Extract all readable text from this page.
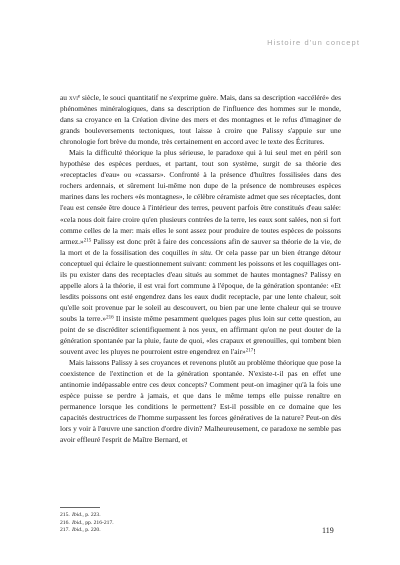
Histoire d'un concept

au xvi$^e$ siècle, le souci quantitatif ne s'exprime guère. Mais, dans sa description «accéléré» des phénomènes minéralogiques, dans sa description de l'influence des hommes sur le monde, dans sa croyance en la Création divine des mers et des montagnes et le refus d'imaginer de grands bouleversements tectoniques, tout laisse à croire que Palissy s'appuie sur une chronologie fort brève du monde, très certainement en accord avec le texte des Écritures.

Mais la difficulté théorique la plus sérieuse, le paradoxe qui à lui seul met en péril son hypothèse des espèces perdues, et partant, tout son système, surgit de sa théorie des «receptacles d'eau» ou «cassars». Confronté à la présence d'huîtres fossilisées dans des rochers ardennais, et sûrement lui-même non dupe de la présence de nombreuses espèces marines dans les rochers «ès montagnes», le célèbre céramiste admet que ses réceptacles, dont l'eau est censée être douce à l'intérieur des terres, peuvent parfois être constitués d'eau salée: «cela nous doit faire croire qu'en plusieurs contrées de la terre, les eaux sont salées, non si fort comme celles de la mer: mais elles le sont assez pour produire de toutes espèces de poissons armez.»$^{215}$ Palissy est donc prêt à faire des concessions afin de sauver sa théorie de la vie, de la mort et de la fossilisation des coquilles in situ. Or cela passe par un bien étrange détour conceptuel qui éclaire le questionnement suivant: comment les poissons et les coquillages ont-ils pu exister dans des receptacles d'eau situés au sommet de hautes montagnes? Palissy en appelle alors à la théorie, il est vrai fort commune à l'époque, de la génération spontanée: «Et lesdits poissons ont esté engendrez dans les eaux dudit receptacle, par une lente chaleur, soit qu'elle soit provenue par le soleil au descouvert, ou bien par une lente chaleur qui se trouve soubs la terre.»$^{216}$ Il insiste même pesamment quelques pages plus loin sur cette question, au point de se discréditer scientifiquement à nos yeux, en affirmant qu'on ne peut douter de la génération spontanée par la pluie, faute de quoi, «les crapaux et grenouilles, qui tombent bien souvent avec les pluyes ne pourroient estre engendrez en l'air»$^{217}$!

Mais laissons Palissy à ses croyances et revenons plutôt au problème théorique que pose la coexistence de l'extinction et de la génération spontanée. N'existe-t-il pas en effet une antinomie indépassable entre ces deux concepts? Comment peut-on imaginer qu'à la fois une espèce puisse se perdre à jamais, et que dans le même temps elle puisse renaître en permanence lorsque les conditions le permettent? Est-il possible en ce domaine que les capacités destructrices de l'homme surpassent les forces génératives de la nature? Peut-on dès lors y voir à l'œuvre une sanction d'ordre divin? Malheureusement, ce paradoxe ne semble pas avoir effleuré l'esprit de Maître Bernard, et

215. Ibid., p. 223.
216. Ibid., pp. 216-217.
217. Ibid., p. 220.	119
